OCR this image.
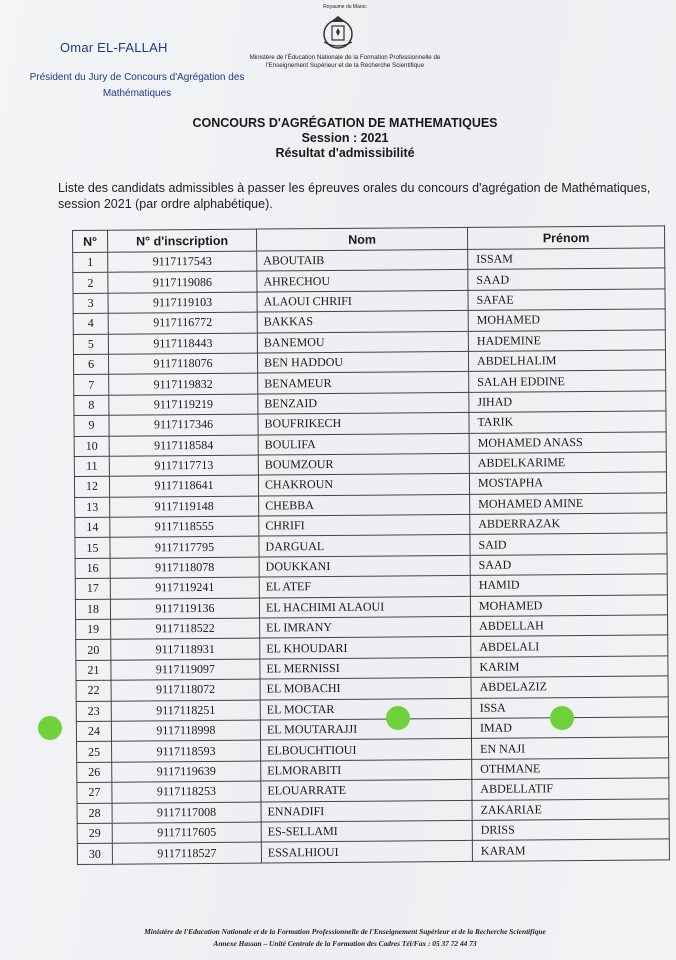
Omar EL-FALLAH
Président du Jury de Concours d'Agrégation des Mathématiques
Royaume du Maroc
Ministère de l'Éducation Nationale de la Formation Professionnelle de l'Enseignement Supérieur et de la Recherche Scientifique
CONCOURS D'AGRÉGATION DE MATHEMATIQUES
Session : 2021
Résultat d'admissibilité
Liste des candidats admissibles à passer les épreuves orales du concours d'agrégation de Mathématiques, session 2021 (par ordre alphabétique).
N°	N° d'inscription	Nom	Prénom
1	9117117543	ABOUTAIB	ISSAM
2	9117119086	AHRECHOU	SAAD
3	9117119103	ALAOUI CHRIFI	SAFAE
4	9117116772	BAKKAS	MOHAMED
5	9117118443	BANEMOU	HADEMINE
6	9117118076	BEN HADDOU	ABDELHALIM
7	9117119832	BENAMEUR	SALAH EDDINE
8	9117119219	BENZAID	JIHAD
9	9117117346	BOUFRIKECH	TARIK
10	9117118584	BOULIFA	MOHAMED ANASS
11	9117117713	BOUMZOUR	ABDELKARIME
12	9117118641	CHAKROUN	MOSTAPHA
13	9117119148	CHEBBA	MOHAMED AMINE
14	9117118555	CHRIFI	ABDERRAZAK
15	9117117795	DARGUAL	SAID
16	9117118078	DOUKKANI	SAAD
17	9117119241	EL ATEF	HAMID
18	9117119136	EL HACHIMI ALAOUI	MOHAMED
19	9117118522	EL IMRANY	ABDELLAH
20	9117118931	EL KHOUDARI	ABDELALI
21	9117119097	EL MERNISSI	KARIM
22	9117118072	EL MOBACHI	ABDELAZIZ
23	9117118251	EL MOCTAR	ISSA
24	9117118998	EL MOUTARAJJI	IMAD
25	9117118593	ELBOUCHTIOUI	EN NAJI
26	9117119639	ELMORABITI	OTHMANE
27	9117118253	ELOUARRATE	ABDELLATIF
28	9117117008	ENNADIFI	ZAKARIAE
29	9117117605	ES-SELLAMI	DRISS
30	9117118527	ESSALHIOUI	KARAM
Ministère de l'Education Nationale et de la Formation Professionnelle de l'Enseignement Supérieur et de la Recherche Scientifique
Annexe Hassan – Unité Centrale de la Formation des Cadres Tél/Fax : 05 37 72 44 73
